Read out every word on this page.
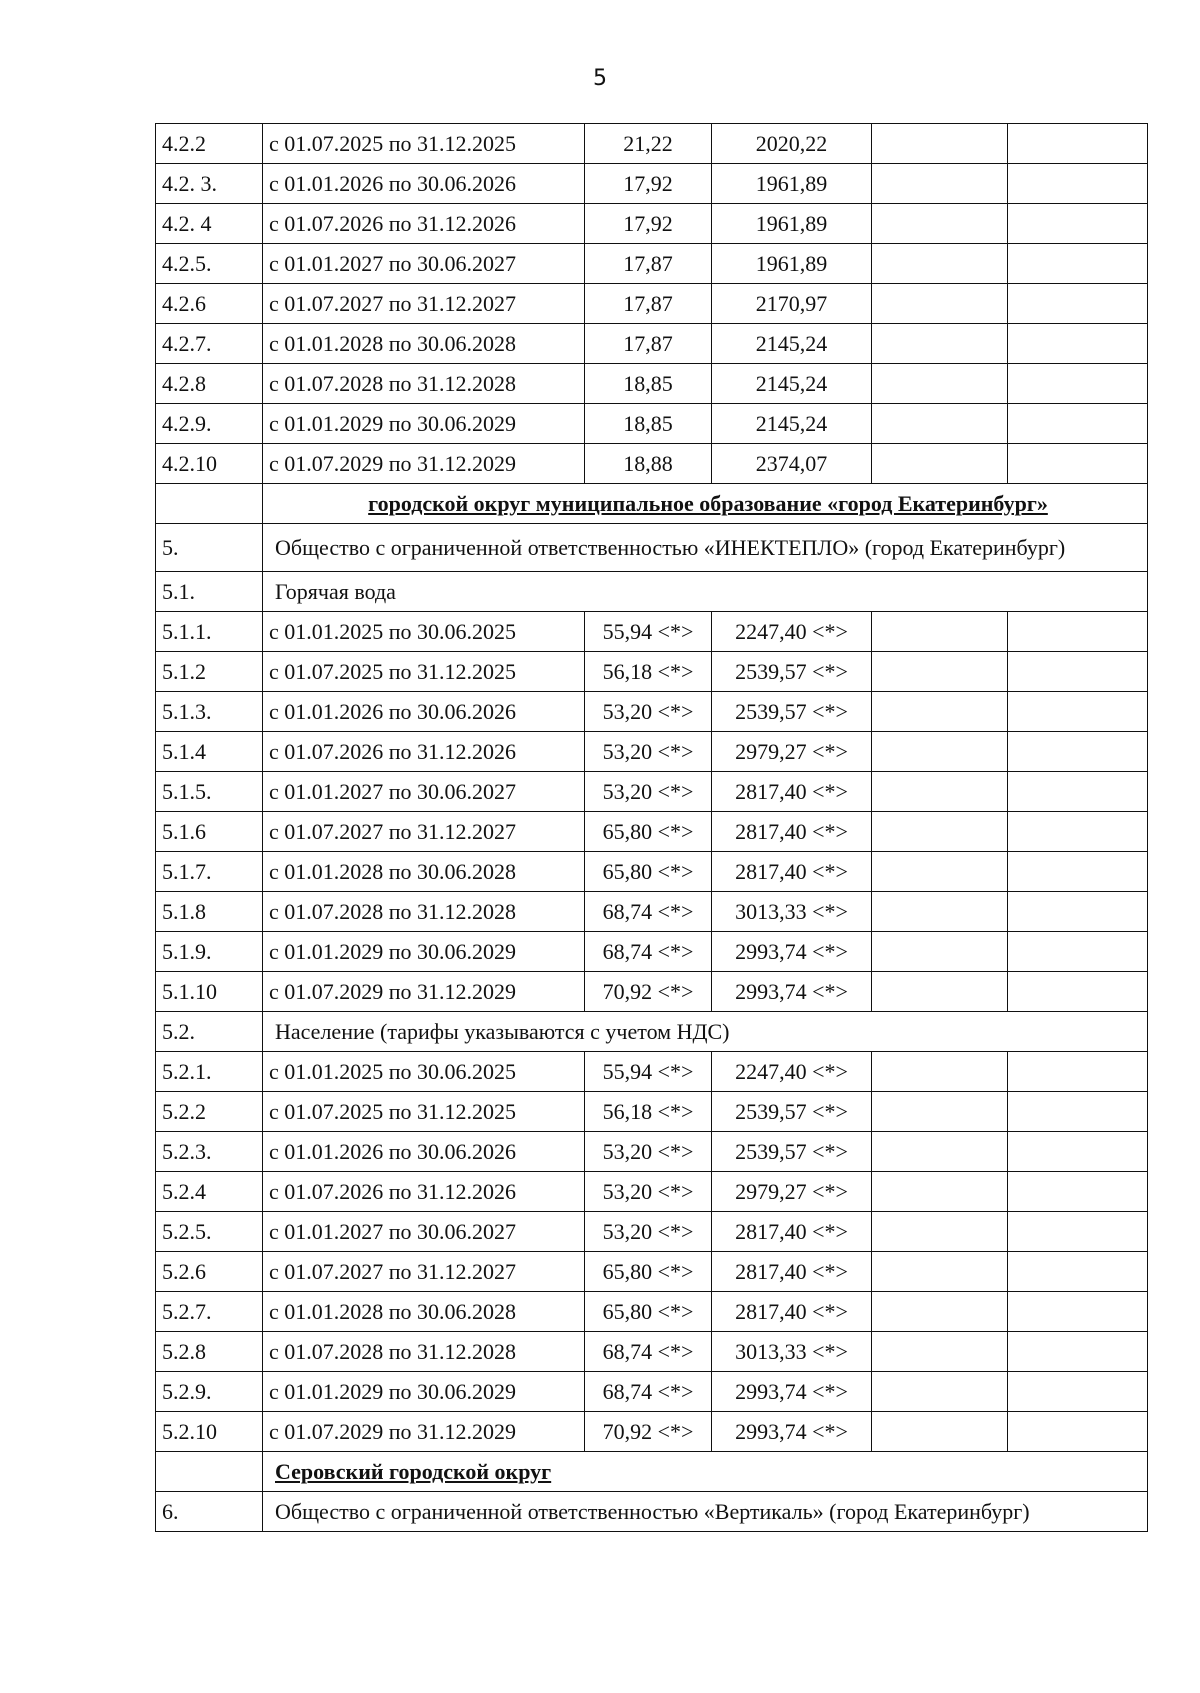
5
4.2.2	с 01.07.2025 по 31.12.2025	21,22	2020,22		
4.2. 3.	с 01.01.2026 по 30.06.2026	17,92	1961,89		
4.2. 4	с 01.07.2026 по 31.12.2026	17,92	1961,89		
4.2.5.	с 01.01.2027 по 30.06.2027	17,87	1961,89		
4.2.6	с 01.07.2027 по 31.12.2027	17,87	2170,97		
4.2.7.	с 01.01.2028 по 30.06.2028	17,87	2145,24		
4.2.8	с 01.07.2028 по 31.12.2028	18,85	2145,24		
4.2.9.	с 01.01.2029 по 30.06.2029	18,85	2145,24		
4.2.10	с 01.07.2029 по 31.12.2029	18,88	2374,07		
	городской округ муниципальное образование «город Екатеринбург»				
5.	Общество с ограниченной ответственностью «ИНЕКТЕПЛО» (город Екатеринбург)				
5.1.	Горячая вода				
5.1.1.	с 01.01.2025 по 30.06.2025	55,94 <*>	2247,40 <*>		
5.1.2	с 01.07.2025 по 31.12.2025	56,18 <*>	2539,57 <*>		
5.1.3.	с 01.01.2026 по 30.06.2026	53,20 <*>	2539,57 <*>		
5.1.4	с 01.07.2026 по 31.12.2026	53,20 <*>	2979,27 <*>		
5.1.5.	с 01.01.2027 по 30.06.2027	53,20 <*>	2817,40 <*>		
5.1.6	с 01.07.2027 по 31.12.2027	65,80 <*>	2817,40 <*>		
5.1.7.	с 01.01.2028 по 30.06.2028	65,80 <*>	2817,40 <*>		
5.1.8	с 01.07.2028 по 31.12.2028	68,74 <*>	3013,33 <*>		
5.1.9.	с 01.01.2029 по 30.06.2029	68,74 <*>	2993,74 <*>		
5.1.10	с 01.07.2029 по 31.12.2029	70,92 <*>	2993,74 <*>		
5.2.	Население (тарифы указываются с учетом НДС)				
5.2.1.	с 01.01.2025 по 30.06.2025	55,94 <*>	2247,40 <*>		
5.2.2	с 01.07.2025 по 31.12.2025	56,18 <*>	2539,57 <*>		
5.2.3.	с 01.01.2026 по 30.06.2026	53,20 <*>	2539,57 <*>		
5.2.4	с 01.07.2026 по 31.12.2026	53,20 <*>	2979,27 <*>		
5.2.5.	с 01.01.2027 по 30.06.2027	53,20 <*>	2817,40 <*>		
5.2.6	с 01.07.2027 по 31.12.2027	65,80 <*>	2817,40 <*>		
5.2.7.	с 01.01.2028 по 30.06.2028	65,80 <*>	2817,40 <*>		
5.2.8	с 01.07.2028 по 31.12.2028	68,74 <*>	3013,33 <*>		
5.2.9.	с 01.01.2029 по 30.06.2029	68,74 <*>	2993,74 <*>		
5.2.10	с 01.07.2029 по 31.12.2029	70,92 <*>	2993,74 <*>		
	Серовский городской округ				
6.	Общество с ограниченной ответственностью «Вертикаль» (город Екатеринбург)				
